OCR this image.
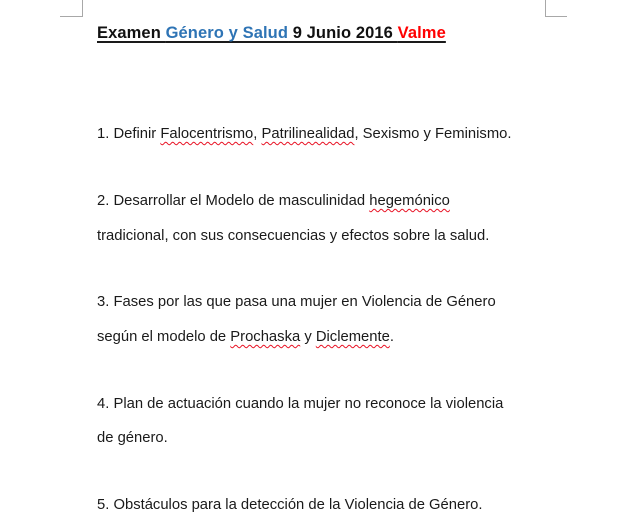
Examen Género y Salud 9 Junio 2016 Valme
1. Definir Falocentrismo, Patrilinealidad, Sexismo y Feminismo.
2. Desarrollar el Modelo de masculinidad hegemónico
tradicional, con sus consecuencias y efectos sobre la salud.
3. Fases por las que pasa una mujer en Violencia de Género
según el modelo de Prochaska y Diclemente.
4. Plan de actuación cuando la mujer no reconoce la violencia
de género.
5. Obstáculos para la detección de la Violencia de Género.
